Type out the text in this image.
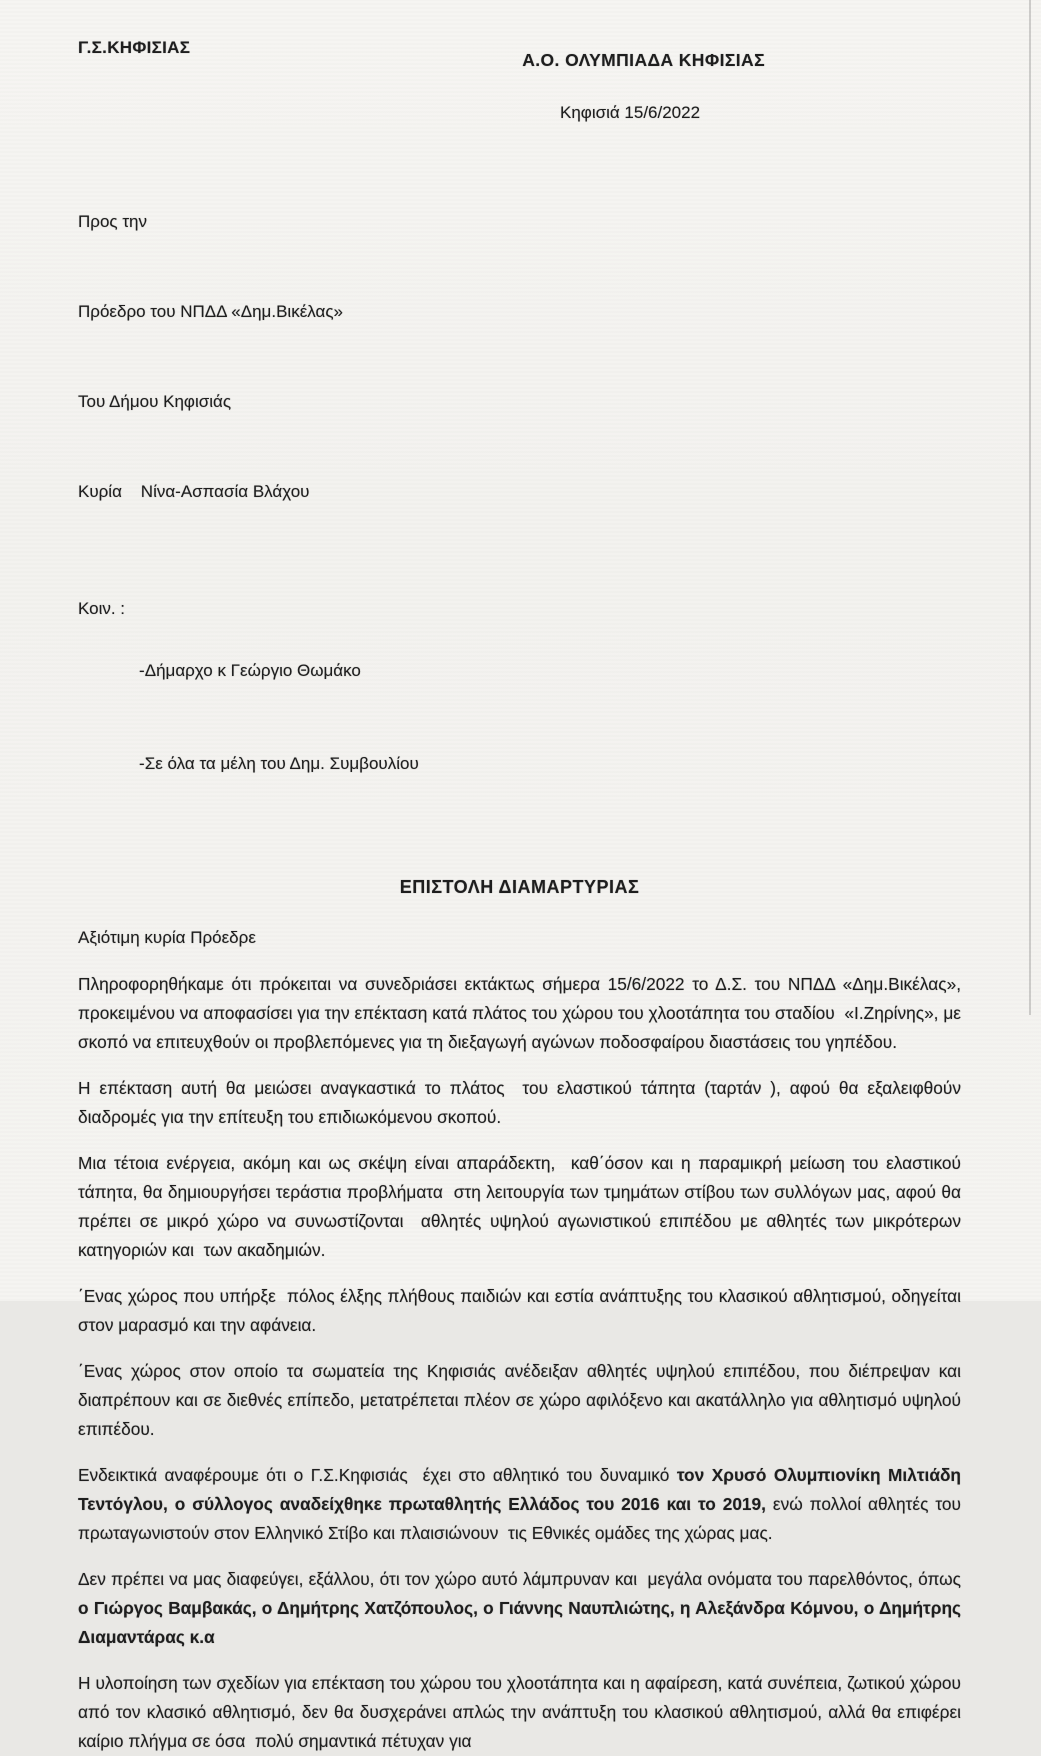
Γ.Σ.ΚΗΦΙΣΙΑΣ
Α.Ο. ΟΛΥΜΠΙΑΔΑ ΚΗΦΙΣΙΑΣ
Κηφισιά 15/6/2022

Προς την

Πρόεδρο του ΝΠΔΔ «Δημ.Βικέλας»

Του Δήμου Κηφισιάς

Κυρία    Νίνα-Ασπασία Βλάχου

Κοιν. :

-Δήμαρχο κ Γεώργιο Θωμάκο

-Σε όλα τα μέλη του Δημ. Συμβουλίου

ΕΠΙΣΤΟΛΗ ΔΙΑΜΑΡΤΥΡΙΑΣ
Αξιότιμη κυρία Πρόεδρε

Πληροφορηθήκαμε ότι πρόκειται να συνεδριάσει εκτάκτως σήμερα 15/6/2022 το Δ.Σ. του ΝΠΔΔ «Δημ.Βικέλας», προκειμένου να αποφασίσει για την επέκταση κατά πλάτος του χώρου του χλοοτάπητα του σταδίου  «Ι.Ζηρίνης», με σκοπό να επιτευχθούν οι προβλεπόμενες για τη διεξαγωγή αγώνων ποδοσφαίρου διαστάσεις του γηπέδου.

Η επέκταση αυτή θα μειώσει αναγκαστικά το πλάτος  του ελαστικού τάπητα (ταρτάν ), αφού θα εξαλειφθούν διαδρομές για την επίτευξη του επιδιωκόμενου σκοπού.

Μια τέτοια ενέργεια, ακόμη και ως σκέψη είναι απαράδεκτη,  καθ΄όσον και η παραμικρή μείωση του ελαστικού τάπητα, θα δημιουργήσει τεράστια προβλήματα  στη λειτουργία των τμημάτων στίβου των συλλόγων μας, αφού θα πρέπει σε μικρό χώρο να συνωστίζονται  αθλητές υψηλού αγωνιστικού επιπέδου με αθλητές των μικρότερων κατηγοριών και  των ακαδημιών.

΄Ενας χώρος που υπήρξε  πόλος έλξης πλήθους παιδιών και εστία ανάπτυξης του κλασικού αθλητισμού, οδηγείται στον μαρασμό και την αφάνεια.

΄Ενας χώρος στον οποίο τα σωματεία της Κηφισιάς ανέδειξαν αθλητές υψηλού επιπέδου, που διέπρεψαν και διαπρέπουν και σε διεθνές επίπεδο, μετατρέπεται πλέον σε χώρο αφιλόξενο και ακατάλληλο για αθλητισμό υψηλού επιπέδου.

Ενδεικτικά αναφέρουμε ότι ο Γ.Σ.Κηφισιάς  έχει στο αθλητικό του δυναμικό τον Χρυσό Ολυμπιονίκη Μιλτιάδη Τεντόγλου, ο σύλλογος αναδείχθηκε πρωταθλητής Ελλάδος του 2016 και το 2019, ενώ πολλοί αθλητές του πρωταγωνιστούν στον Ελληνικό Στίβο και πλαισιώνουν  τις Εθνικές ομάδες της χώρας μας.

Δεν πρέπει να μας διαφεύγει, εξάλλου, ότι τον χώρο αυτό λάμπρυναν και  μεγάλα ονόματα του παρελθόντος, όπως ο Γιώργος Βαμβακάς, ο Δημήτρης Χατζόπουλος, ο Γιάννης Ναυπλιώτης, η Αλεξάνδρα Κόμνου, ο Δημήτρης Διαμαντάρας κ.α

Η υλοποίηση των σχεδίων για επέκταση του χώρου του χλοοτάπητα και η αφαίρεση, κατά συνέπεια, ζωτικού χώρου από τον κλασικό αθλητισμό, δεν θα δυσχεράνει απλώς την ανάπτυξη του κλασικού αθλητισμού, αλλά θα επιφέρει καίριο πλήγμα σε όσα  πολύ σημαντικά πέτυχαν για
